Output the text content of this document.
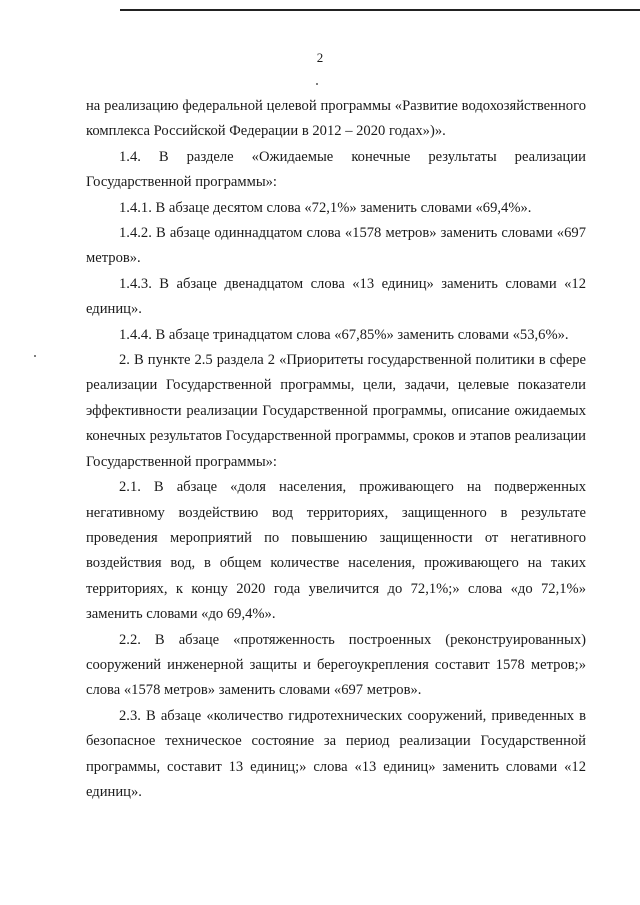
2

на реализацию федеральной целевой программы «Развитие водохозяйственного комплекса Российской Федерации в 2012 – 2020 годах»)».

1.4. В разделе «Ожидаемые конечные результаты реализации Государственной программы»:

1.4.1. В абзаце десятом слова «72,1%» заменить словами «69,4%».

1.4.2. В абзаце одиннадцатом слова «1578 метров» заменить словами «697 метров».

1.4.3. В абзаце двенадцатом слова «13 единиц» заменить словами «12 единиц».

1.4.4. В абзаце тринадцатом слова «67,85%» заменить словами «53,6%».

2. В пункте 2.5 раздела 2 «Приоритеты государственной политики в сфере реализации Государственной программы, цели, задачи, целевые показатели эффективности реализации Государственной программы, описание ожидаемых конечных результатов Государственной программы, сроков и этапов реализации Государственной программы»:

2.1. В абзаце «доля населения, проживающего на подверженных негативному воздействию вод территориях, защищенного в результате проведения мероприятий по повышению защищенности от негативного воздействия вод, в общем количестве населения, проживающего на таких территориях, к концу 2020 года увеличится до 72,1%;» слова «до 72,1%» заменить словами «до 69,4%».

2.2. В абзаце «протяженность построенных (реконструированных) сооружений инженерной защиты и берегоукрепления составит 1578 метров;» слова «1578 метров» заменить словами «697 метров».

2.3. В абзаце «количество гидротехнических сооружений, приведенных в безопасное техническое состояние за период реализации Государственной программы, составит 13 единиц;» слова «13 единиц» заменить словами «12 единиц».
